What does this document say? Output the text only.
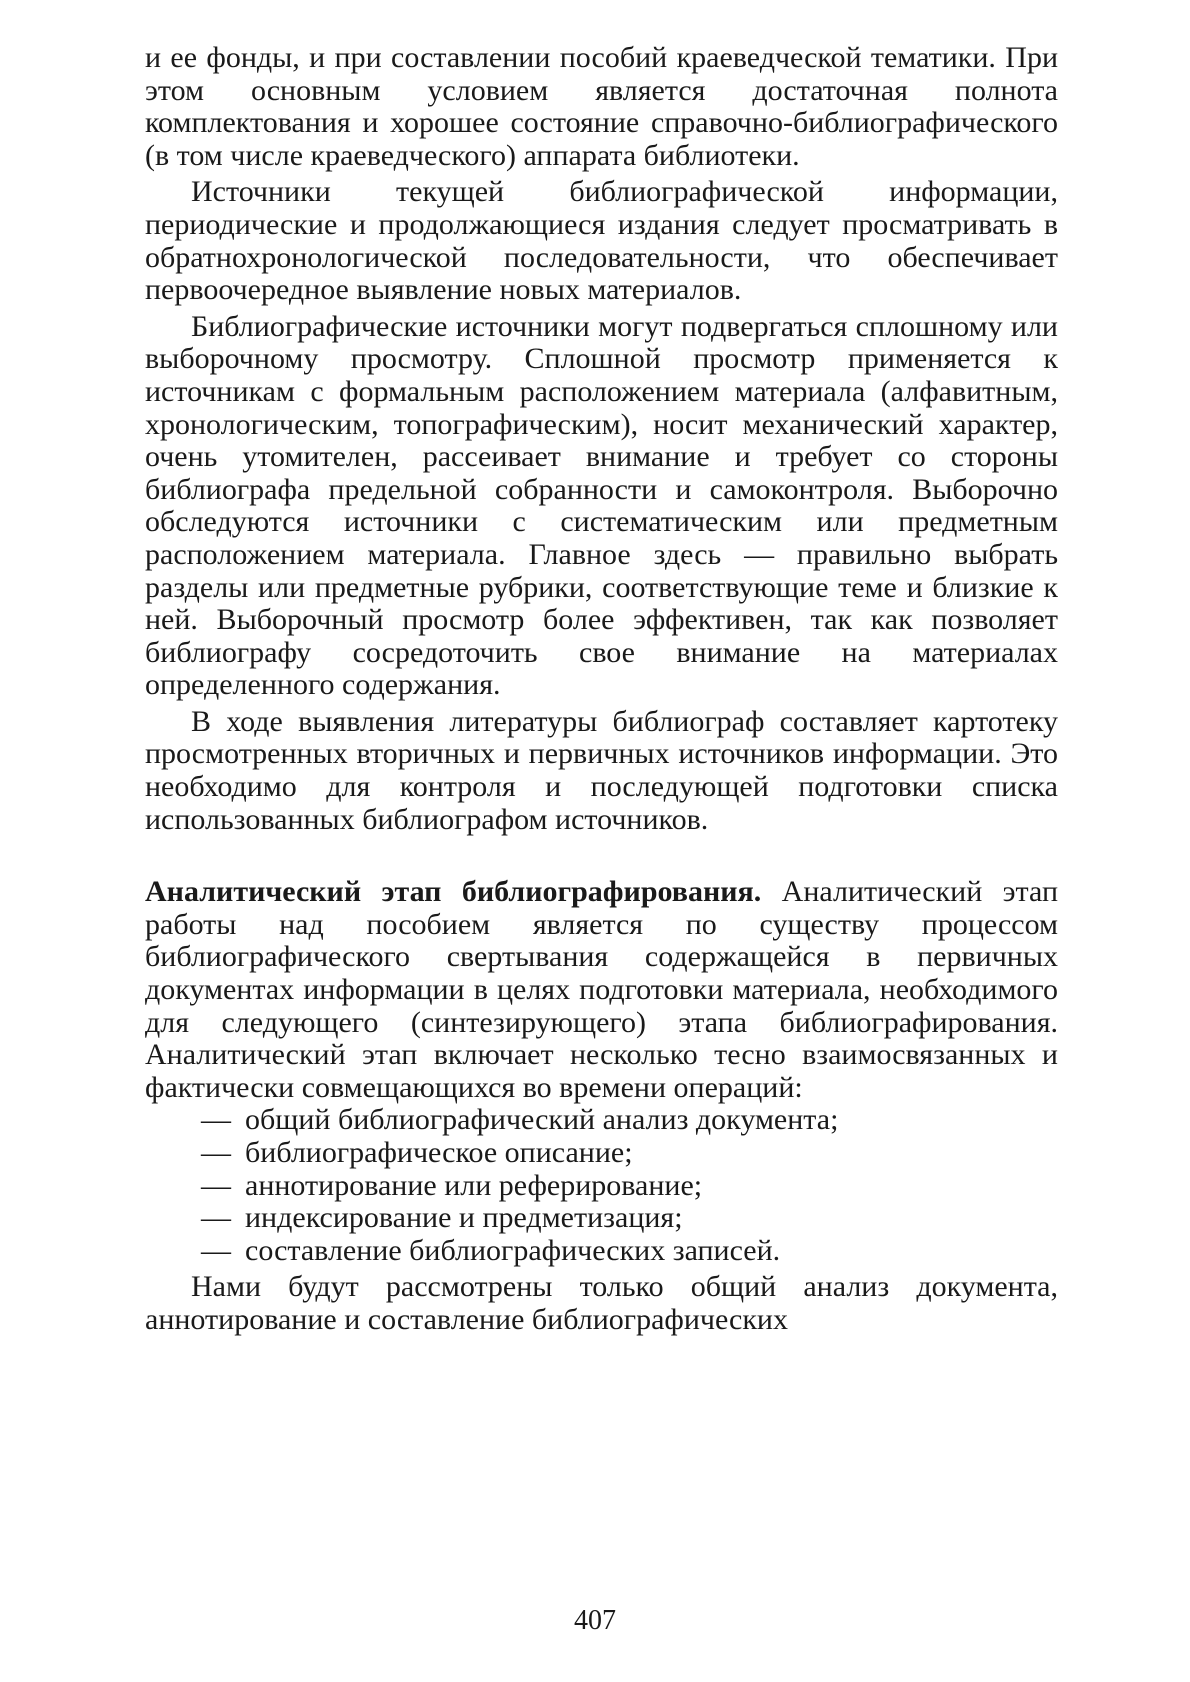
и ее фонды, и при составлении пособий краеведческой тематики. При этом основным условием является достаточная полнота комплектования и хорошее состояние справочно-библиографического (в том числе краеведческого) аппарата библиотеки.

Источники текущей библиографической информации, периодические и продолжающиеся издания следует просматривать в обратнохронологической последовательности, что обеспечивает первоочередное выявление новых материалов.

Библиографические источники могут подвергаться сплошному или выборочному просмотру. Сплошной просмотр применяется к источникам с формальным расположением материала (алфавитным, хронологическим, топографическим), носит механический характер, очень утомителен, рассеивает внимание и требует со стороны библиографа предельной собранности и самоконтроля. Выборочно обследуются источники с систематическим или предметным расположением материала. Главное здесь — правильно выбрать разделы или предметные рубрики, соответствующие теме и близкие к ней. Выборочный просмотр более эффективен, так как позволяет библиографу сосредоточить свое внимание на материалах определенного содержания.

В ходе выявления литературы библиограф составляет картотеку просмотренных вторичных и первичных источников информации. Это необходимо для контроля и последующей подготовки списка использованных библиографом источников.

Аналитический этап библиографирования. Аналитический этап работы над пособием является по существу процессом библиографического свертывания содержащейся в первичных документах информации в целях подготовки материала, необходимого для следующего (синтезирующего) этапа библиографирования. Аналитический этап включает несколько тесно взаимосвязанных и фактически совмещающихся во времени операций:

— общий библиографический анализ документа;
— библиографическое описание;
— аннотирование или реферирование;
— индексирование и предметизация;
— составление библиографических записей.

Нами будут рассмотрены только общий анализ документа, аннотирование и составление библиографических

407
